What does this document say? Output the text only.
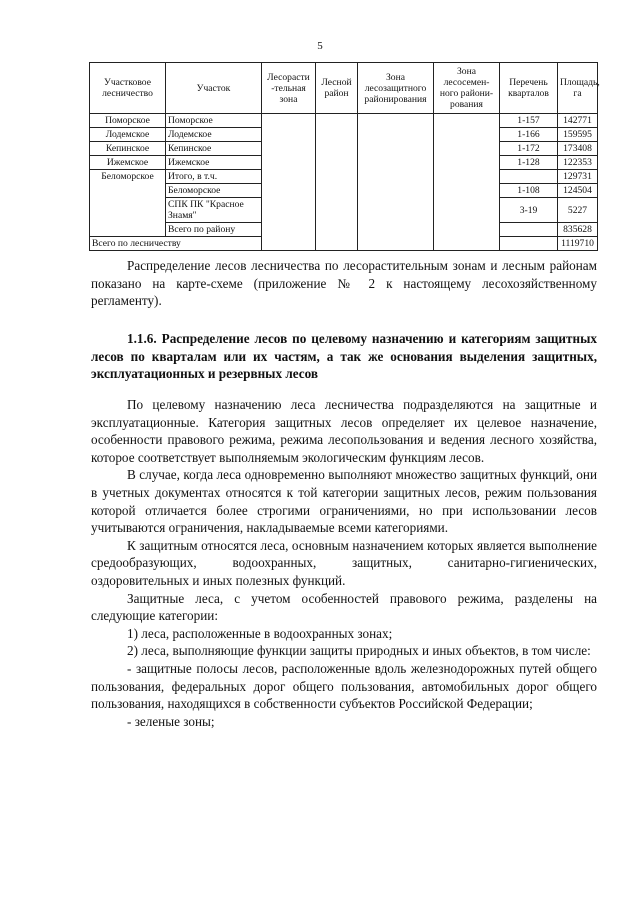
5
Участковое лесничество	Участок	Лесорасти -тельная зона	Лесной район	Зона лесозащитного районирования	Зона лесосемен-ного райони-рования	Перечень кварталов	Площадь, га
Поморское	Поморское					1-157	142771
Лодемское	Лодемское					1-166	159595
Кепинское	Кепинское					1-172	173408
Ижемское	Ижемское					1-128	122353
Беломорское	Итого, в т.ч.						129731
	Беломорское					1-108	124504
	СПК ПК "Красное Знамя"					3-19	5227
	Всего по району						835628
Всего по лесничеству							1119710

Распределение лесов лесничества по лесорастительным зонам и лесным районам показано на карте-схеме (приложение № 2 к настоящему лесохозяйственному регламенту).

1.1.6. Распределение лесов по целевому назначению и категориям защитных лесов по кварталам или их частям, а так же основания выделения защитных, эксплуатационных и резервных лесов

По целевому назначению леса лесничества подразделяются на защитные и эксплуатационные. Категория защитных лесов определяет их целевое назначение, особенности правового режима, режима лесопользования и ведения лесного хозяйства, которое соответствует выполняемым экологическим функциям лесов.

В случае, когда леса одновременно выполняют множество защитных функций, они в учетных документах относятся к той категории защитных лесов, режим пользования которой отличается более строгими ограничениями, но при использовании лесов учитываются ограничения, накладываемые всеми категориями.

К защитным относятся леса, основным назначением которых является выполнение средообразующих, водоохранных, защитных, санитарно-гигиенических, оздоровительных и иных полезных функций.

Защитные леса, с учетом особенностей правового режима, разделены на следующие категории:

1) леса, расположенные в водоохранных зонах;

2) леса, выполняющие функции защиты природных и иных объектов, в том числе:

- защитные полосы лесов, расположенные вдоль железнодорожных путей общего пользования, федеральных дорог общего пользования, автомобильных дорог общего пользования, находящихся в собственности субъектов Российской Федерации;

- зеленые зоны;
